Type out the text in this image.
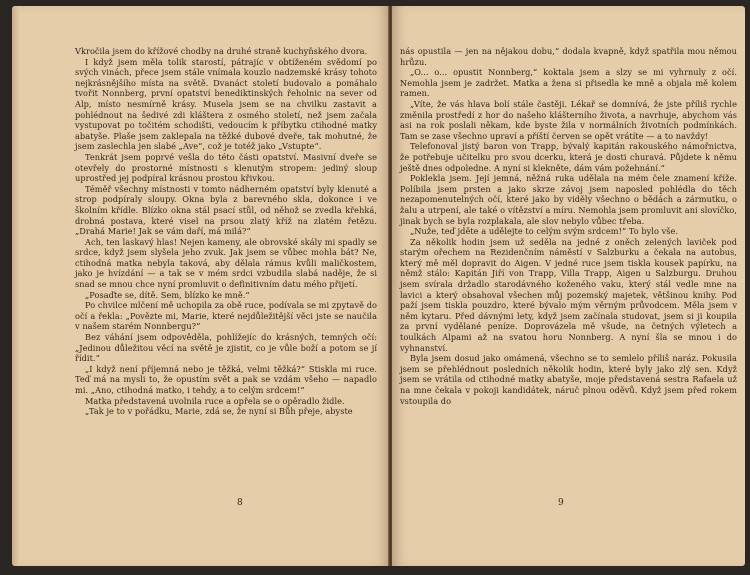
Vkročila jsem do křížové chodby na druhé straně kuchyňského dvora.

I když jsem měla tolik starostí, pátrajíc v obtíženém svědomí po svých vinách, přece jsem stále vnímala kouzlo nadzemské krásy tohoto nejkrásnějšího místa na světě. Dvanáct století budovalo a pomáhalo tvořit Nonnberg, první opatství benediktinských řeholnic na sever od Alp, místo nesmírně krásy. Musela jsem se na chvilku zastavit a pohlédnout na šedivé zdi kláštera z osmého století, než jsem začala vystupovat po točitém schodišti, vedoucím k příbytku ctihodné matky abatyše. Plaše jsem zaklepala na těžké dubové dveře, tak mohutné, že jsem zaslechla jen slabé „Ave“, což je totéž jako „Vstupte“.

Tenkrát jsem poprvé vešla do této části opatství. Masivní dveře se otevřely do prostorné místnosti s klenutým stropem: jediný sloup uprostřed jej podpíral krásnou prostou křivkou.

Téměř všechny místnosti v tomto nádherném opatství byly klenuté a strop podpíraly sloupy. Okna byla z barevného skla, dokonce i ve školním křídle. Blízko okna stál psací stůl, od něhož se zvedla křehká, drobná postava, které visel na prsou zlatý kříž na zlatém řetězu. „Drahá Marie! Jak se vám daří, má milá?“

Ach, ten laskavý hlas! Nejen kameny, ale obrovské skály mi spadly se srdce, když jsem slyšela jeho zvuk. Jak jsem se vůbec mohla bát? Ne, ctihodná matka nebyla taková, aby dělala rámus kvůli maličkostem, jako je hvízdání — a tak se v mém srdci vzbudila slabá naděje, že si snad se mnou chce nyní promluvit o definitivním datu mého přijetí.

„Posaďte se, dítě. Sem, blízko ke mně.“

Po chvilce mlčení mě uchopila za obě ruce, podívala se mi zpytavě do očí a řekla: „Povězte mi, Marie, které nejdůležitější věci jste se naučila v našem starém Nonnbergu?“

Bez váhání jsem odpověděla, pohlížejíc do krásných, temných očí: „Jedinou důležitou věcí na světě je zjistit, co je vůle boží a potom se jí řídit.“

„I když není příjemná nebo je těžká, velmi těžká?“ Stiskla mi ruce. Teď má na mysli to, že opustím svět a pak se vzdám všeho — napadlo mi. „Ano, ctihodná matko, i tehdy, a to celým srdcem!“

Matka představená uvolnila ruce a opřela se o opěradlo židle.

„Tak je to v pořádku, Marie, zdá se, že nyní si Bůh přeje, abyste

8

nás opustila — jen na nějakou dobu,“ dodala kvapně, když spatřila mou němou hrůzu.

„O... o... opustit Nonnberg,“ koktala jsem a slzy se mi vyhrnuly z očí. Nemohla jsem je zadržet. Matka a žena si přisedla ke mně a objala mě kolem ramen.

„Víte, že vás hlava bolí stále častěji. Lékař se domnívá, že jste příliš rychle změnila prostředí z hor do našeho klášterního života, a navrhuje, abychom vás asi na rok poslali někam, kde byste žila v normálních životních podmínkách. Tam se zase všechno upraví a příští červen se opět vrátíte — a to navždy!

Telefonoval jistý baron von Trapp, bývalý kapitán rakouského námořnictva, že potřebuje učitelku pro svou dcerku, která je dosti churavá. Půjdete k němu ještě dnes odpoledne. A nyní si klekněte, dám vám požehnání.“

Poklekla jsem. Její jemná, něžná ruka udělala na mém čele znamení kříže. Políbila jsem prsten a jako skrze závoj jsem naposled pohlédla do těch nezapomenutelných očí, které jako by viděly všechno o bědách a zármutku, o žalu a utrpení, ale také o vítězství a míru. Nemohla jsem promluvit ani slovíčko, jinak bych se byla rozplakala, ale slov nebylo vůbec třeba.

„Nuže, teď jděte a udělejte to celým svým srdcem!“ To bylo vše.

Za několik hodin jsem už seděla na jedné z oněch zelených laviček pod starým ořechem na Rezidenčním náměstí v Salzburku a čekala na autobus, který mě měl dopravit do Aigen. V jedné ruce jsem tiskla kousek papírku, na němž stálo: Kapitán Jiří von Trapp, Villa Trapp, Aigen u Salzburgu. Druhou jsem svírala držadlo starodávného koženého vaku, který stál vedle mne na lavici a který obsahoval všechen můj pozemský majetek, většinou knihy. Pod paží jsem tiskla pouzdro, které bývalo mým věrným průvodcem. Měla jsem v něm kytaru. Před dávnými lety, když jsem začínala studovat, jsem si ji koupila za první vydělané peníze. Doprovázela mě všude, na četných výletech a toulkách Alpami až na svatou horu Nonnberg. A nyní šla se mnou i do vyhnanství.

Byla jsem dosud jako omámená, všechno se to semlelo příliš naráz. Pokusila jsem se přehlédnout posledních několik hodin, které byly jako zlý sen. Když jsem se vrátila od ctihodné matky abatyše, moje představená sestra Rafaela už na mne čekala v pokoji kandidátek, náruč plnou oděvů. Když jsem před rokem vstoupila do

9
